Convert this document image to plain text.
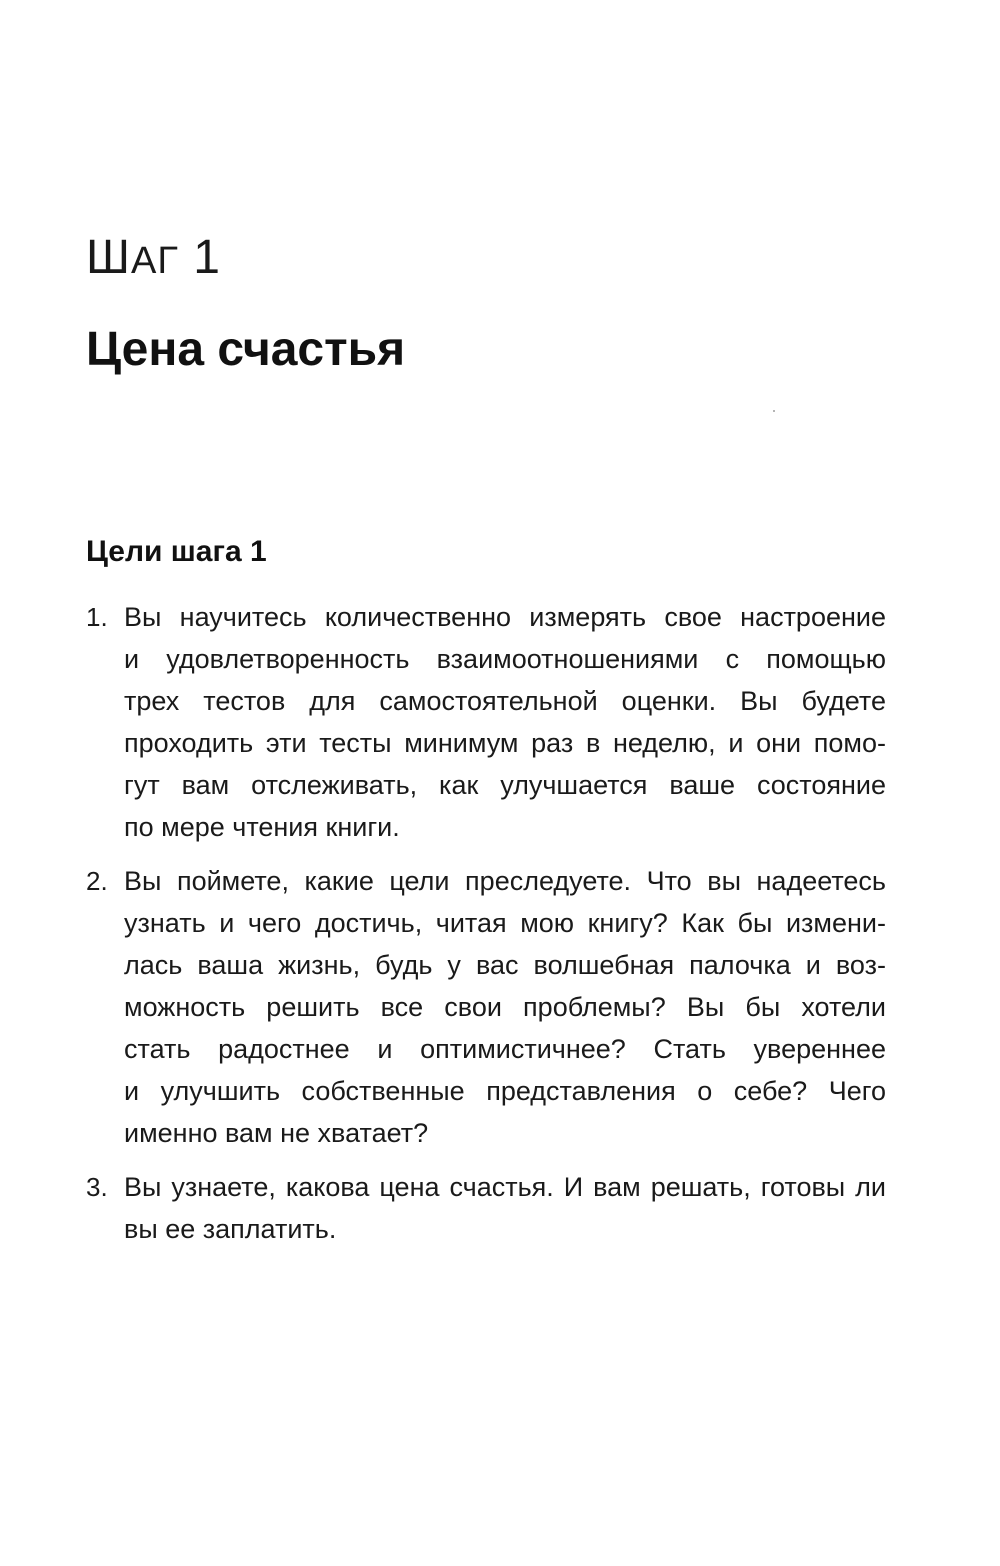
ШАГ 1
Цена счастья
Цели шага 1
1. Вы научитесь количественно измерять свое настроение
и удовлетворенность взаимоотношениями с помощью
трех тестов для самостоятельной оценки. Вы будете
проходить эти тесты минимум раз в неделю, и они помо-
гут вам отслеживать, как улучшается ваше состояние
по мере чтения книги.
2. Вы поймете, какие цели преследуете. Что вы надеетесь
узнать и чего достичь, читая мою книгу? Как бы измени-
лась ваша жизнь, будь у вас волшебная палочка и воз-
можность решить все свои проблемы? Вы бы хотели
стать радостнее и оптимистичнее? Стать увереннее
и улучшить собственные представления о себе? Чего
именно вам не хватает?
3. Вы узнаете, какова цена счастья. И вам решать, готовы ли
вы ее заплатить.
